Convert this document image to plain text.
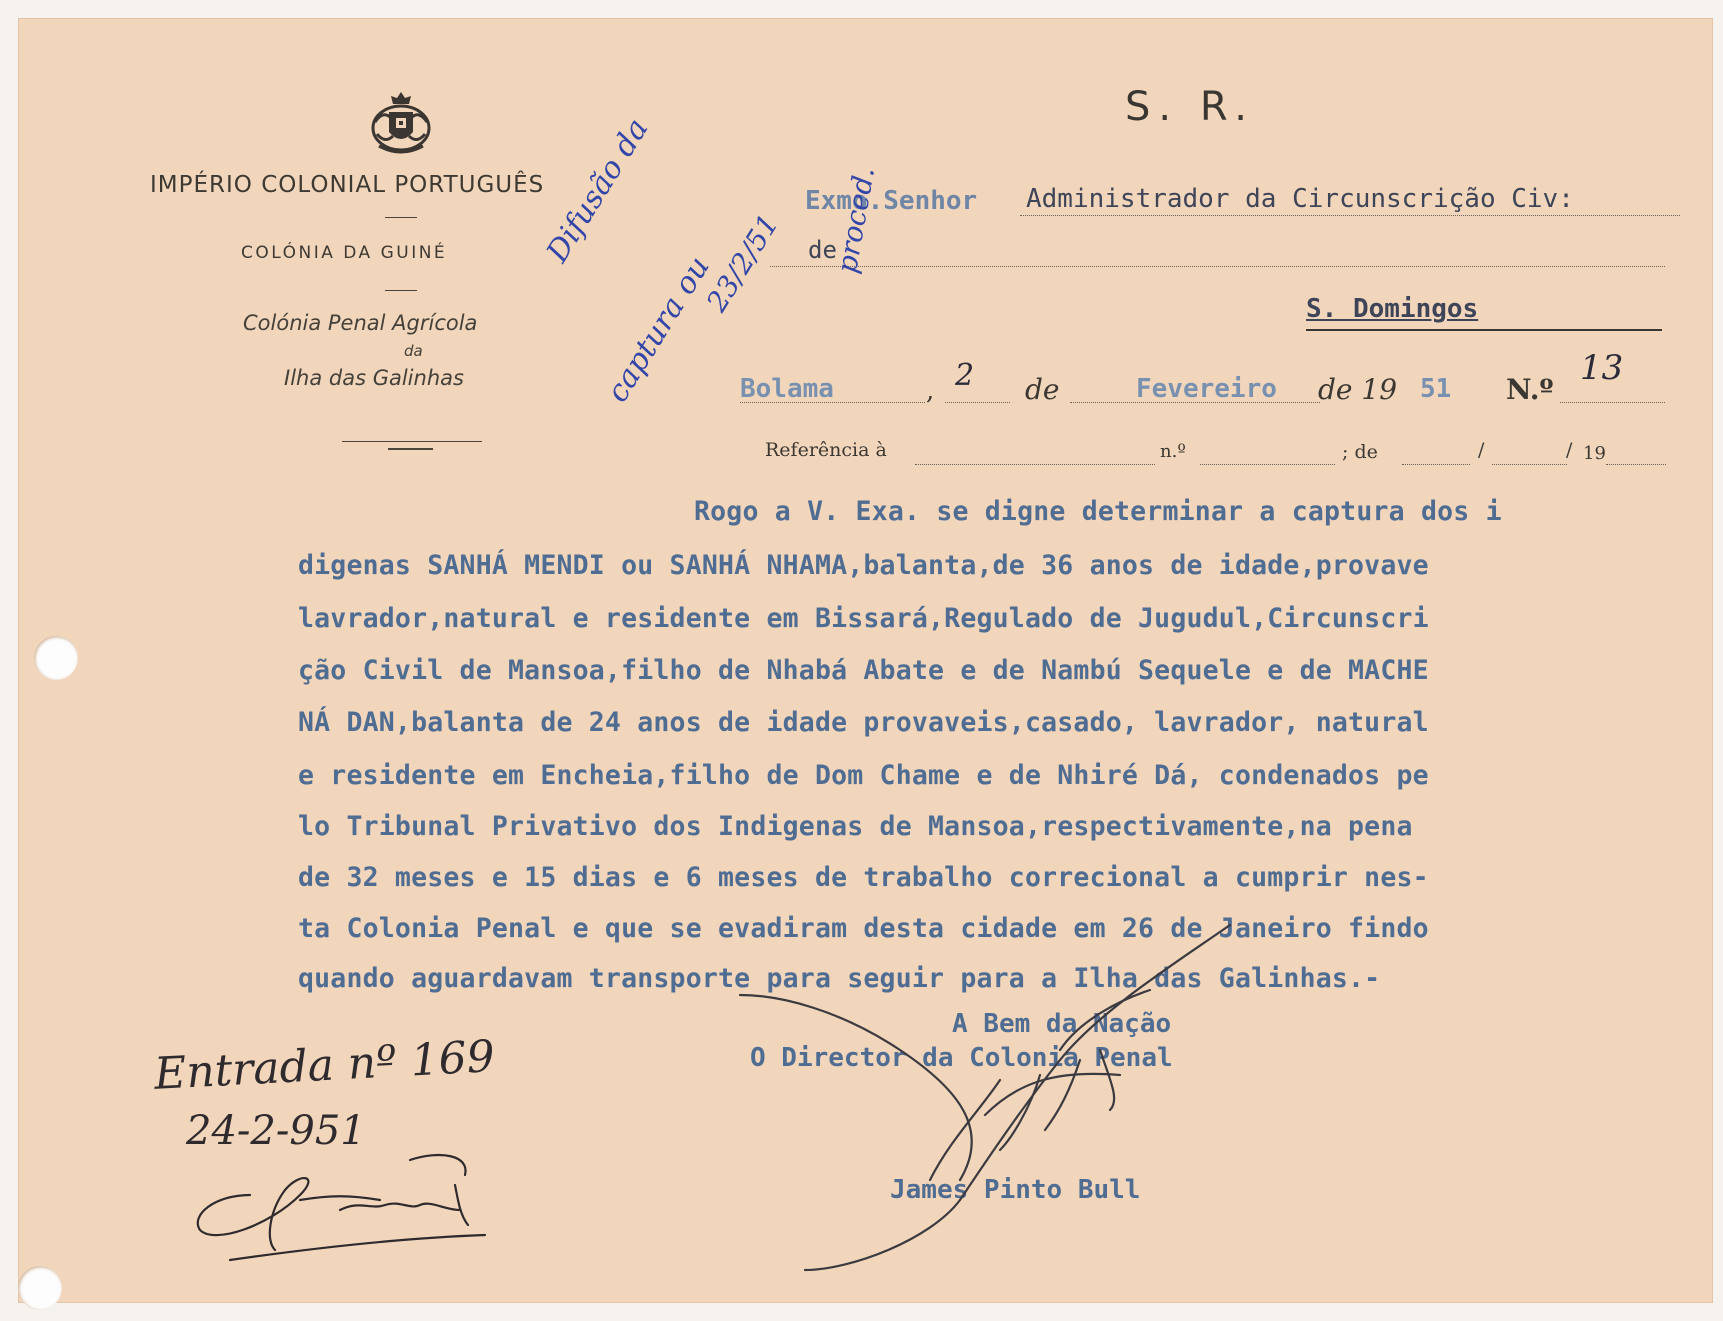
IMPÉRIO COLONIAL PORTUGUÊS
COLÓNIA DA GUINÉ
Colónia Penal Agrícola
da
Ilha das Galinhas
S. R.
Exmo.Senhor Administrador da Circunscrição Civ:
de
S. Domingos
Bolama	, 2 de	Fevereiro de 19 51 N.º
13
Referência à	n.º	; de	/	/ 19
Rogo a V. Exa. se digne determinar a captura dos i
digenas SANHÁ MENDI ou SANHÁ NHAMA,balanta,de 36 anos de idade,provave
lavrador,natural e residente em Bissará,Regulado de Jugudul,Circunscri
ção Civil de Mansoa,filho de Nhabá Abate e de Nambú Sequele e de MACHE
NÁ DAN,balanta de 24 anos de idade provaveis,casado, lavrador, natural
e residente em Encheia,filho de Dom Chame e de Nhiré Dá, condenados pe
lo Tribunal Privativo dos Indigenas de Mansoa,respectivamente,na pena
de 32 meses e 15 dias e 6 meses de trabalho correcional a cumprir nes-
ta Colonia Penal e que se evadiram desta cidade em 26 de Janeiro findo
quando aguardavam transporte para seguir para a Ilha das Galinhas.-
A Bem da Nação
O Director da Colonia Penal
James Pinto Bull
Entrada nº 169
24-2-951
Difusão da
captura ou
23/2/51 proced.
